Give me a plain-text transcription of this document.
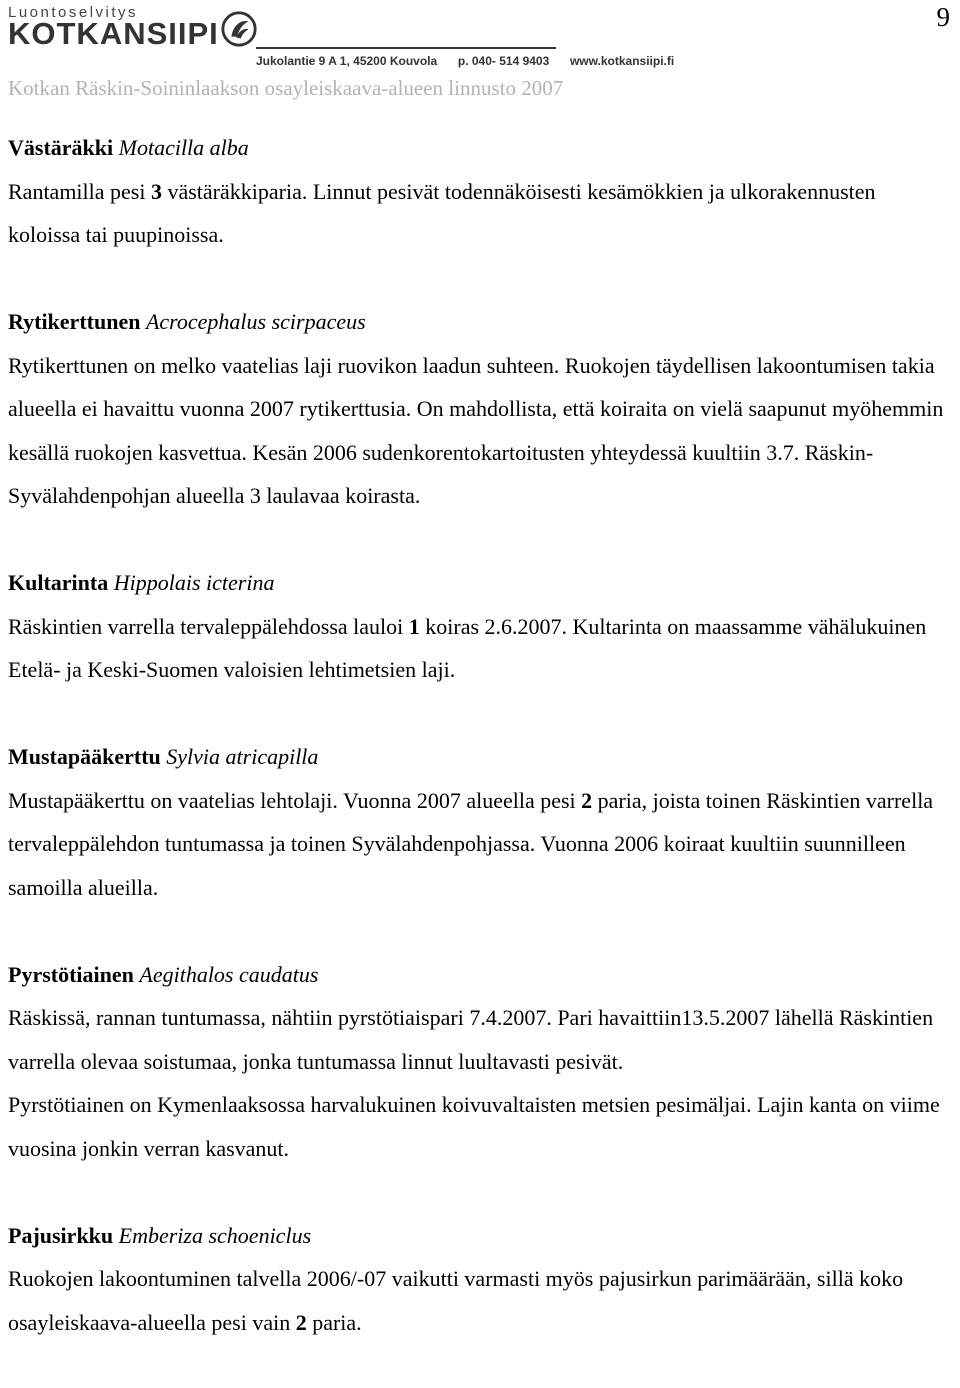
9
Luontoselvitys
KOTKANSIIPI
Jukolantie 9 A 1, 45200 Kouvola p. 040- 514 9403 www.kotkansiipi.fi
Kotkan Räskin-Soininlaakson osayleiskaava-alueen linnusto 2007
Västäräkki Motacilla alba

Rantamilla pesi 3 västäräkkiparia. Linnut pesivät todennäköisesti kesämökkien ja ulkorakennusten koloissa tai puupinoissa.

Rytikerttunen Acrocephalus scirpaceus

Rytikerttunen on melko vaatelias laji ruovikon laadun suhteen. Ruokojen täydellisen lakoontumisen takia alueella ei havaittu vuonna 2007 rytikerttusia. On mahdollista, että koiraita on vielä saapunut myöhemmin kesällä ruokojen kasvettua. Kesän 2006 sudenkorentokartoitusten yhteydessä kuultiin 3.7. Räskin-Syvälahdenpohjan alueella 3 laulavaa koirasta.

Kultarinta Hippolais icterina

Räskintien varrella tervaleppälehdossa lauloi 1 koiras 2.6.2007. Kultarinta on maassamme vähälukuinen Etelä- ja Keski-Suomen valoisien lehtimetsien laji.

Mustapääkerttu Sylvia atricapilla

Mustapääkerttu on vaatelias lehtolaji. Vuonna 2007 alueella pesi 2 paria, joista toinen Räskintien varrella tervaleppälehdon tuntumassa ja toinen Syvälahdenpohjassa. Vuonna 2006 koiraat kuultiin suunnilleen samoilla alueilla.

Pyrstötiainen Aegithalos caudatus

Räskissä, rannan tuntumassa, nähtiin pyrstötiaispari 7.4.2007. Pari havaittiin13.5.2007 lähellä Räskintien varrella olevaa soistumaa, jonka tuntumassa linnut luultavasti pesivät.

Pyrstötiainen on Kymenlaaksossa harvalukuinen koivuvaltaisten metsien pesimäljai. Lajin kanta on viime vuosina jonkin verran kasvanut.

Pajusirkku Emberiza schoeniclus

Ruokojen lakoontuminen talvella 2006/-07 vaikutti varmasti myös pajusirkun parimäärään, sillä koko osayleiskaava-alueella pesi vain 2 paria.
